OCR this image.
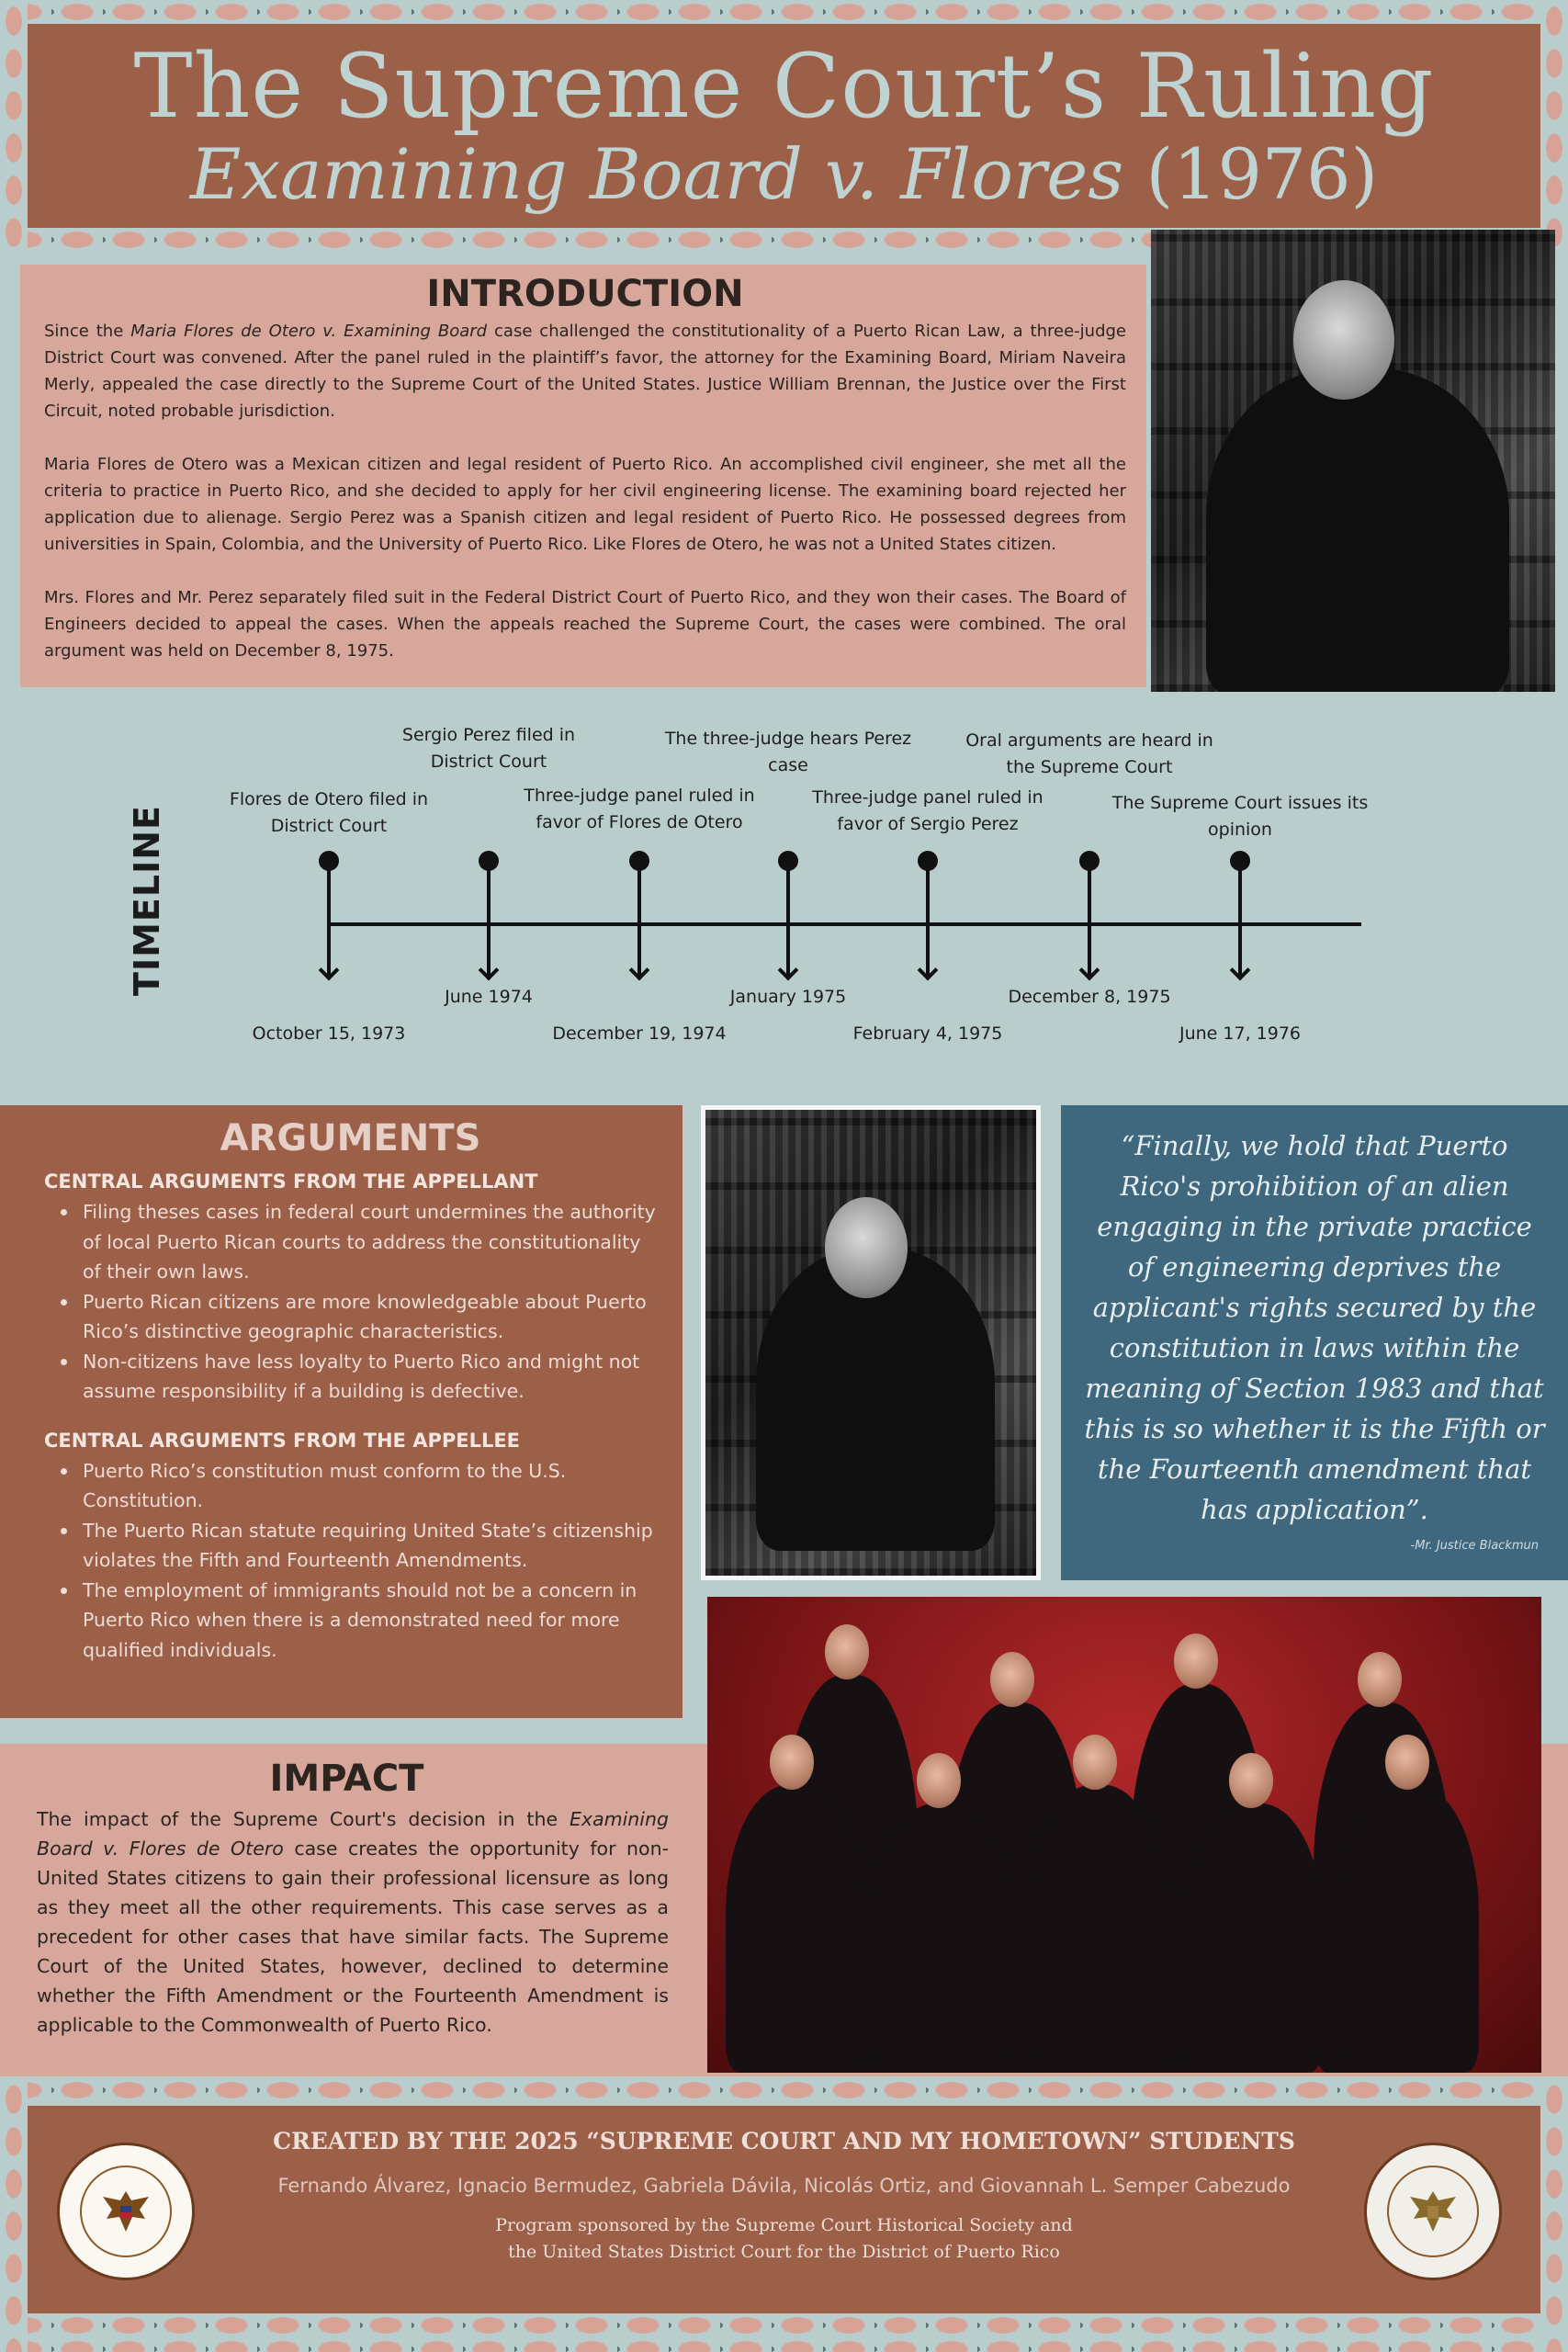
The Supreme Court’s Ruling
Examining Board v. Flores (1976)
INTRODUCTION

Since the Maria Flores de Otero v. Examining Board case challenged the constitutionality of a Puerto Rican Law, a three-judge District Court was convened. After the panel ruled in the plaintiff’s favor, the attorney for the Examining Board, Miriam Naveira Merly, appealed the case directly to the Supreme Court of the United States. Justice William Brennan, the Justice over the First Circuit, noted probable jurisdiction.

Maria Flores de Otero was a Mexican citizen and legal resident of Puerto Rico. An accomplished civil engineer, she met all the criteria to practice in Puerto Rico, and she decided to apply for her civil engineering license. The examining board rejected her application due to alienage. Sergio Perez was a Spanish citizen and legal resident of Puerto Rico. He possessed degrees from universities in Spain, Colombia, and the University of Puerto Rico. Like Flores de Otero, he was not a United States citizen.

Mrs. Flores and Mr. Perez separately filed suit in the Federal District Court of Puerto Rico, and they won their cases. The Board of Engineers decided to appeal the cases. When the appeals reached the Supreme Court, the cases were combined. The oral argument was held on December 8, 1975.

TIMELINE
Flores de Otero filed in District Court
October 15, 1973
Sergio Perez filed in District Court
June 1974
Three-judge panel ruled in favor of Flores de Otero
December 19, 1974
The three-judge hears Perez case
January 1975
Three-judge panel ruled in favor of Sergio Perez
February 4, 1975
Oral arguments are heard in the Supreme Court
December 8, 1975
The Supreme Court issues its opinion
June 17, 1976
ARGUMENTS
CENTRAL ARGUMENTS FROM THE APPELLANT
Filing theses cases in federal court undermines the authority of local Puerto Rican courts to address the constitutionality of their own laws.
Puerto Rican citizens are more knowledgeable about Puerto Rico’s distinctive geographic characteristics.
Non-citizens have less loyalty to Puerto Rico and might not assume responsibility if a building is defective.
CENTRAL ARGUMENTS FROM THE APPELLEE
Puerto Rico’s constitution must conform to the U.S. Constitution.
The Puerto Rican statute requiring United State’s citizenship violates the Fifth and Fourteenth Amendments.
The employment of immigrants should not be a concern in Puerto Rico when there is a demonstrated need for more qualified individuals.
“Finally, we hold that Puerto Rico's prohibition of an alien engaging in the private practice of engineering deprives the applicant's rights secured by the constitution in laws within the meaning of Section 1983 and that this is so whether it is the Fifth or the Fourteenth amendment that has application”.
-Mr. Justice Blackmun
IMPACT

The impact of the Supreme Court's decision in the Examining Board v. Flores de Otero case creates the opportunity for non-United States citizens to gain their professional licensure as long as they meet all the other requirements. This case serves as a precedent for other cases that have similar facts. The Supreme Court of the United States, however, declined to determine whether the Fifth Amendment or the Fourteenth Amendment is applicable to the Commonwealth of Puerto Rico.

CREATED BY THE 2025 “SUPREME COURT AND MY HOMETOWN” STUDENTS
Fernando Álvarez, Ignacio Bermudez, Gabriela Dávila, Nicolás Ortiz, and Giovannah L. Semper Cabezudo
Program sponsored by the Supreme Court Historical Society and
the United States District Court for the District of Puerto Rico
